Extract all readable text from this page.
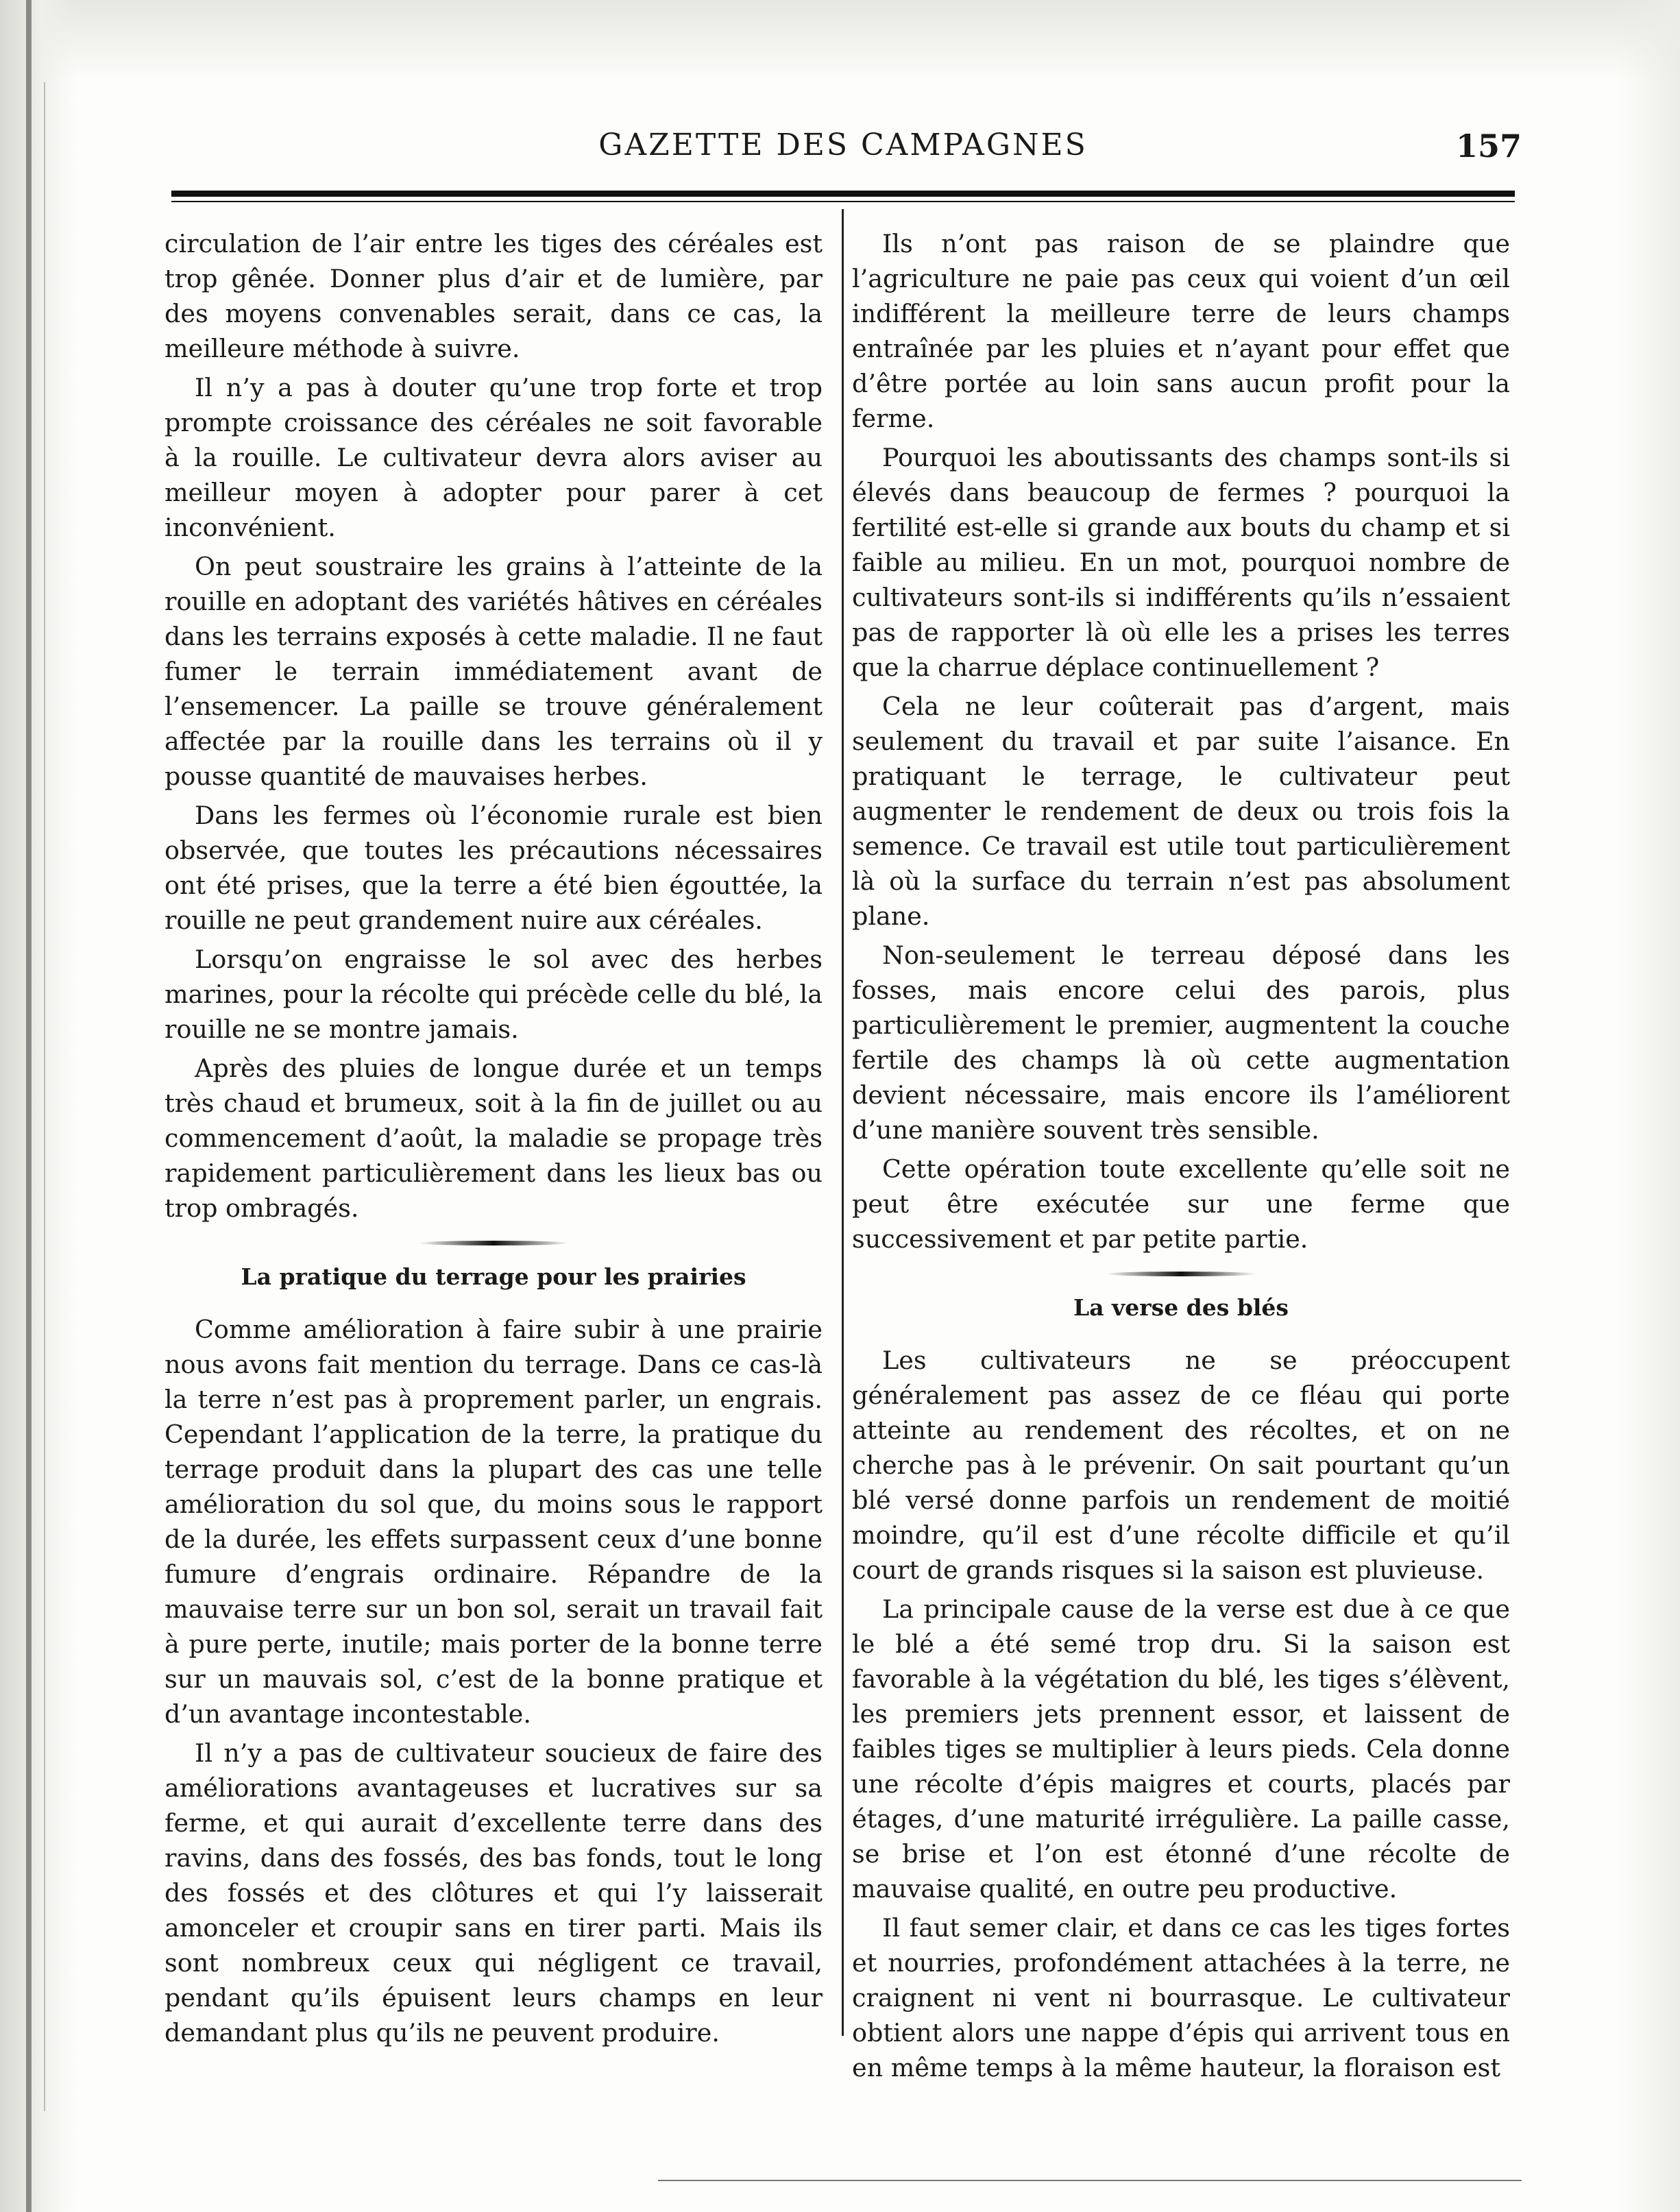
GAZETTE DES CAMPAGNES	157

circulation de l’air entre les tiges des céréales est trop gênée. Donner plus d’air et de lumière, par des moyens convenables serait, dans ce cas, la meilleure méthode à suivre.

Il n’y a pas à douter qu’une trop forte et trop prompte croissance des céréales ne soit favorable à la rouille. Le cultivateur devra alors aviser au meilleur moyen à adopter pour parer à cet inconvénient.

On peut soustraire les grains à l’atteinte de la rouille en adoptant des variétés hâtives en céréales dans les terrains exposés à cette maladie. Il ne faut fumer le terrain immédiatement avant de l’ensemencer. La paille se trouve généralement affectée par la rouille dans les terrains où il y pousse quantité de mauvaises herbes.

Dans les fermes où l’économie rurale est bien observée, que toutes les précautions nécessaires ont été prises, que la terre a été bien égouttée, la rouille ne peut grandement nuire aux céréales.

Lorsqu’on engraisse le sol avec des herbes marines, pour la récolte qui précède celle du blé, la rouille ne se montre jamais.

Après des pluies de longue durée et un temps très chaud et brumeux, soit à la fin de juillet ou au commencement d’août, la maladie se propage très rapidement particulièrement dans les lieux bas ou trop ombragés.

La pratique du terrage pour les prairies

Comme amélioration à faire subir à une prairie nous avons fait mention du terrage. Dans ce cas-là la terre n’est pas à proprement parler, un engrais. Cependant l’application de la terre, la pratique du terrage produit dans la plupart des cas une telle amélioration du sol que, du moins sous le rapport de la durée, les effets surpassent ceux d’une bonne fumure d’engrais ordinaire. Répandre de la mauvaise terre sur un bon sol, serait un travail fait à pure perte, inutile; mais porter de la bonne terre sur un mauvais sol, c’est de la bonne pratique et d’un avantage incontestable.

Il n’y a pas de cultivateur soucieux de faire des améliorations avantageuses et lucratives sur sa ferme, et qui aurait d’excellente terre dans des ravins, dans des fossés, des bas fonds, tout le long des fossés et des clôtures et qui l’y laisserait amonceler et croupir sans en tirer parti. Mais ils sont nombreux ceux qui négligent ce travail, pendant qu’ils épuisent leurs champs en leur demandant plus qu’ils ne peuvent produire.

Ils n’ont pas raison de se plaindre que l’agriculture ne paie pas ceux qui voient d’un œil indifférent la meilleure terre de leurs champs entraînée par les pluies et n’ayant pour effet que d’être portée au loin sans aucun profit pour la ferme.

Pourquoi les aboutissants des champs sont-ils si élevés dans beaucoup de fermes ? pourquoi la fertilité est-elle si grande aux bouts du champ et si faible au milieu. En un mot, pourquoi nombre de cultivateurs sont-ils si indifférents qu’ils n’essaient pas de rapporter là où elle les a prises les terres que la charrue déplace continuellement ?

Cela ne leur coûterait pas d’argent, mais seulement du travail et par suite l’aisance. En pratiquant le terrage, le cultivateur peut augmenter le rendement de deux ou trois fois la semence. Ce travail est utile tout particulièrement là où la surface du terrain n’est pas absolument plane.

Non-seulement le terreau déposé dans les fosses, mais encore celui des parois, plus particulièrement le premier, augmentent la couche fertile des champs là où cette augmentation devient nécessaire, mais encore ils l’améliorent d’une manière souvent très sensible.

Cette opération toute excellente qu’elle soit ne peut être exécutée sur une ferme que successivement et par petite partie.

La verse des blés

Les cultivateurs ne se préoccupent généralement pas assez de ce fléau qui porte atteinte au rendement des récoltes, et on ne cherche pas à le prévenir. On sait pourtant qu’un blé versé donne parfois un rendement de moitié moindre, qu’il est d’une récolte difficile et qu’il court de grands risques si la saison est pluvieuse.

La principale cause de la verse est due à ce que le blé a été semé trop dru. Si la saison est favorable à la végétation du blé, les tiges s’élèvent, les premiers jets prennent essor, et laissent de faibles tiges se multiplier à leurs pieds. Cela donne une récolte d’épis maigres et courts, placés par étages, d’une maturité irrégulière. La paille casse, se brise et l’on est étonné d’une récolte de mauvaise qualité, en outre peu productive.

Il faut semer clair, et dans ce cas les tiges fortes et nourries, profondément attachées à la terre, ne craignent ni vent ni bourrasque. Le cultivateur obtient alors une nappe d’épis qui arrivent tous en en même temps à la même hauteur, la floraison est
